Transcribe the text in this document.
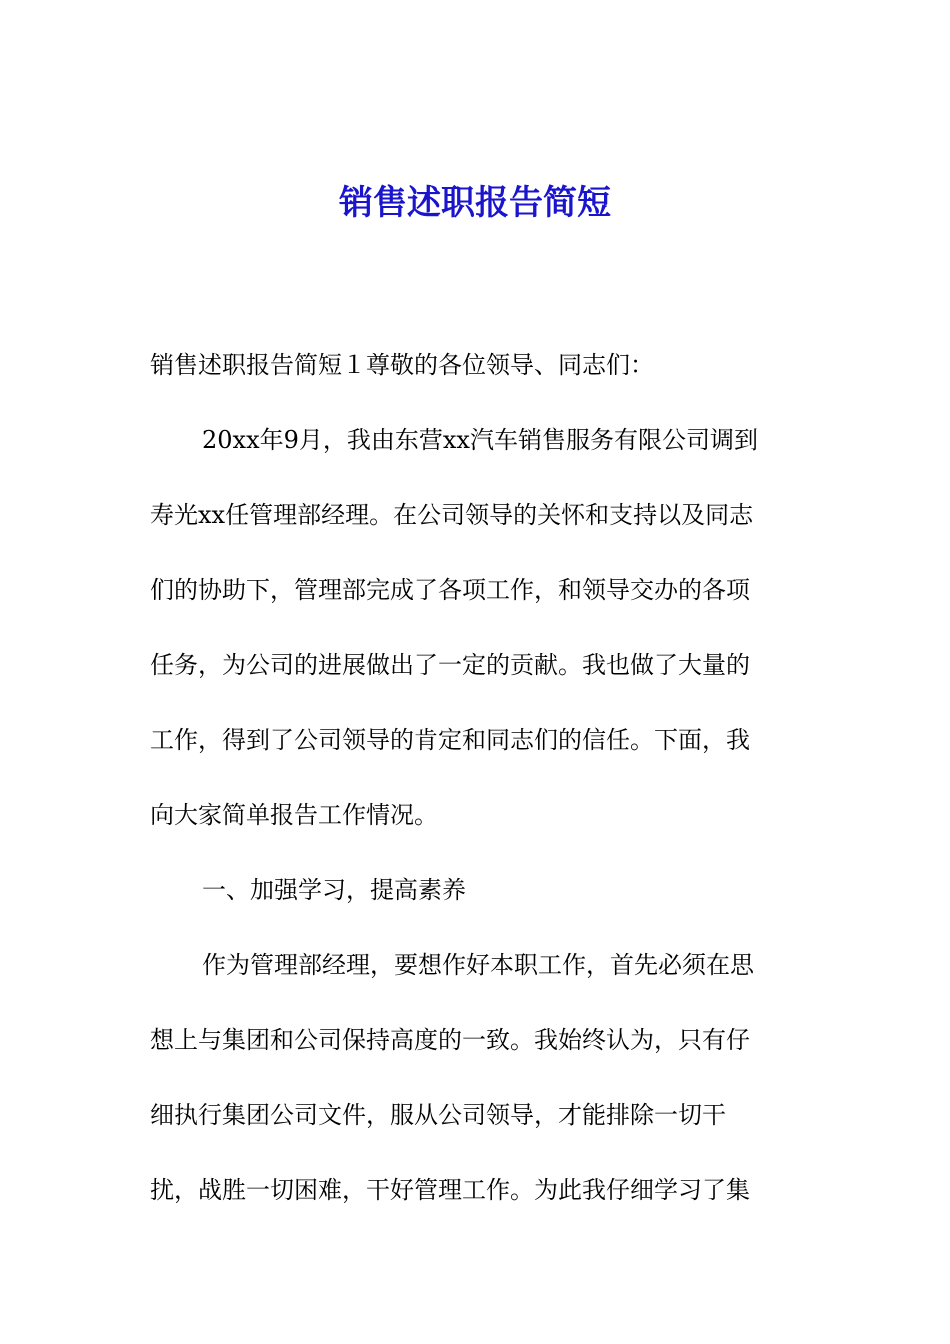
销售述职报告简短
销售述职报告简短１尊敬的各位领导、同志们：
20xx年9月，我由东营xx汽车销售服务有限公司调到
寿光xx任管理部经理。在公司领导的关怀和支持以及同志
们的协助下，管理部完成了各项工作，和领导交办的各项
任务，为公司的进展做出了一定的贡献。我也做了大量的
工作，得到了公司领导的肯定和同志们的信任。下面，我
向大家简单报告工作情况。
一、加强学习，提高素养
作为管理部经理，要想作好本职工作，首先必须在思
想上与集团和公司保持高度的一致。我始终认为，只有仔
细执行集团公司文件，服从公司领导，才能排除一切干
扰，战胜一切困难，干好管理工作。为此我仔细学习了集
